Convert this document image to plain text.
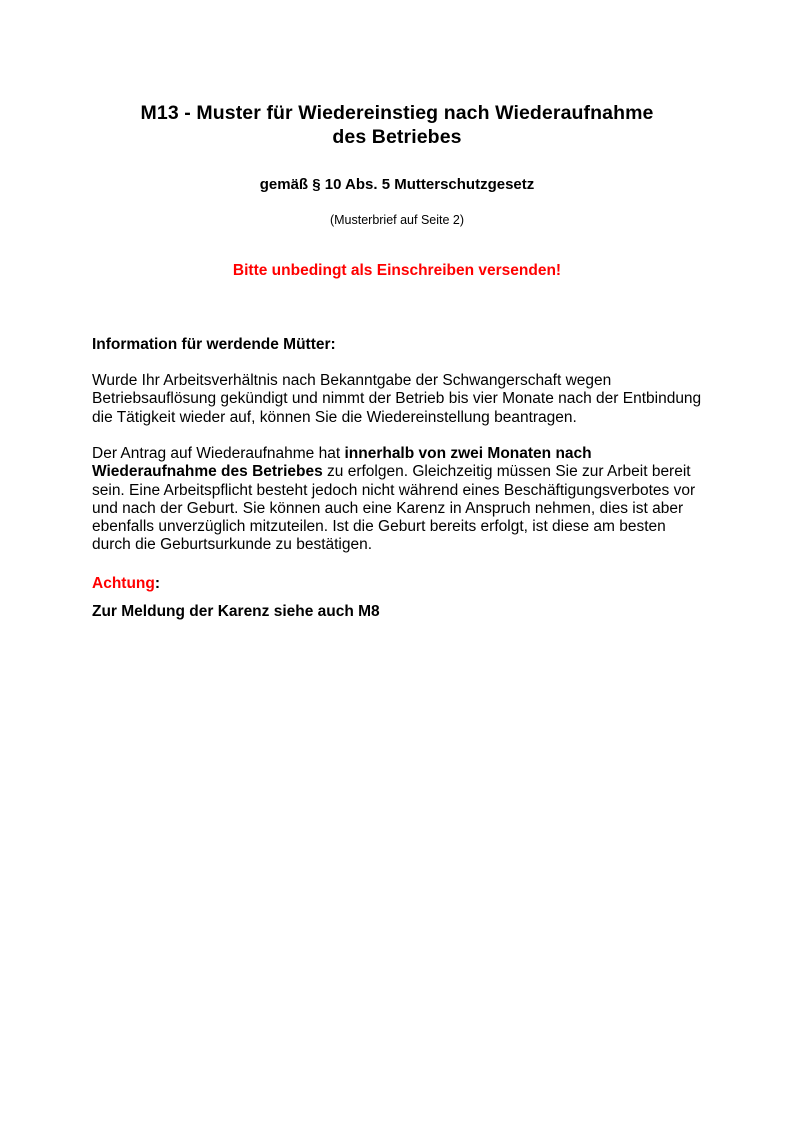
M13 - Muster für Wiedereinstieg nach Wiederaufnahme
des Betriebes
gemäß § 10 Abs. 5 Mutterschutzgesetz
(Musterbrief auf Seite 2)
Bitte unbedingt als Einschreiben versenden!
Information für werdende Mütter:
Wurde Ihr Arbeitsverhältnis nach Bekanntgabe der Schwangerschaft wegen Betriebsauflösung gekündigt und nimmt der Betrieb bis vier Monate nach der Entbindung die Tätigkeit wieder auf, können Sie die Wiedereinstellung beantragen.
Der Antrag auf Wiederaufnahme hat innerhalb von zwei Monaten nach Wiederaufnahme des Betriebes zu erfolgen. Gleichzeitig müssen Sie zur Arbeit bereit sein. Eine Arbeitspflicht besteht jedoch nicht während eines Beschäftigungsverbotes vor und nach der Geburt. Sie können auch eine Karenz in Anspruch nehmen, dies ist aber ebenfalls unverzüglich mitzuteilen. Ist die Geburt bereits erfolgt, ist diese am besten durch die Geburtsurkunde zu bestätigen.
Achtung:
Zur Meldung der Karenz siehe auch M8
